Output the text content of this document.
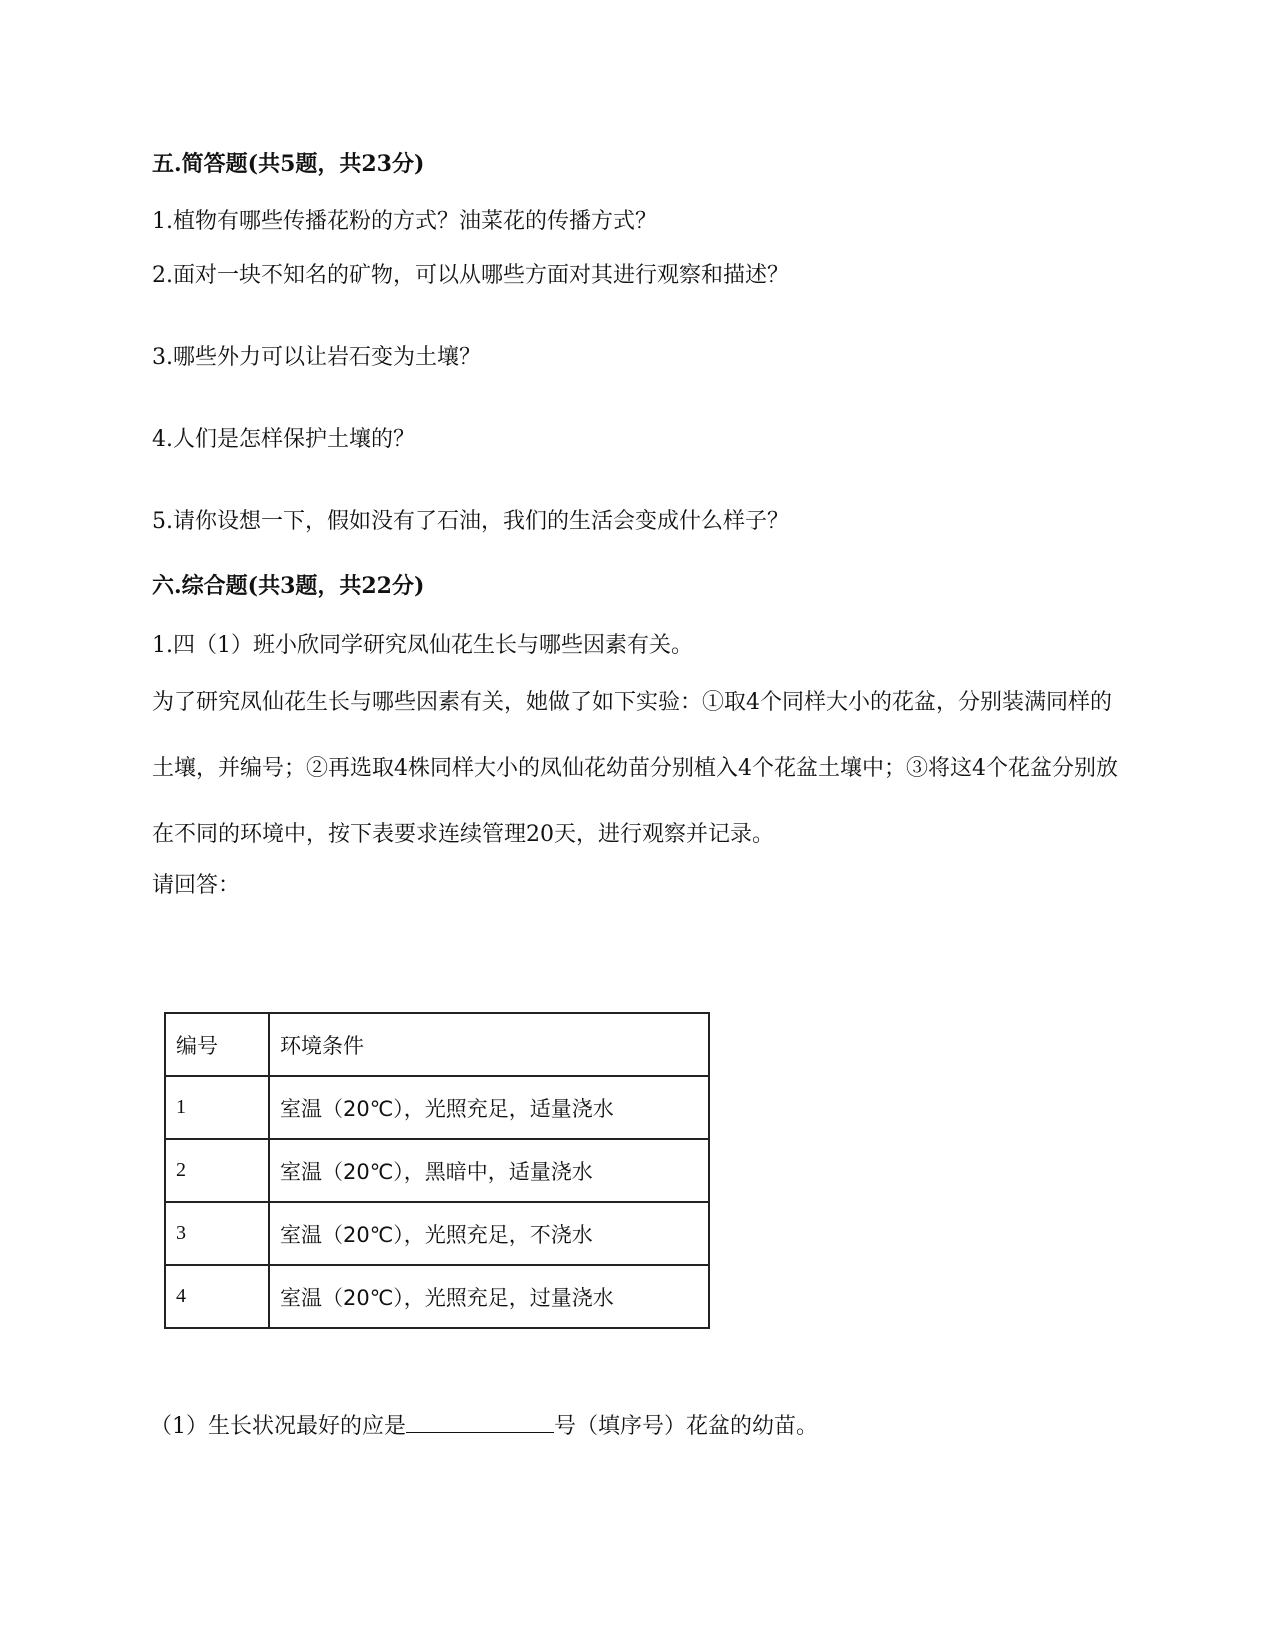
五.简答题(共5题，共23分)
1.植物有哪些传播花粉的方式？油菜花的传播方式？
2.面对一块不知名的矿物，可以从哪些方面对其进行观察和描述？
3.哪些外力可以让岩石变为土壤？
4.人们是怎样保护土壤的？
5.请你设想一下，假如没有了石油，我们的生活会变成什么样子？
六.综合题(共3题，共22分)
1.四（1）班小欣同学研究凤仙花生长与哪些因素有关。
为了研究凤仙花生长与哪些因素有关，她做了如下实验：①取4个同样大小的花盆，分别装满同样的土壤，并编号；②再选取4株同样大小的凤仙花幼苗分别植入4个花盆土壤中；③将这4个花盆分别放在不同的环境中，按下表要求连续管理20天，进行观察并记录。
请回答：
编号	环境条件
1	室温（20℃），光照充足，适量浇水
2	室温（20℃），黑暗中，适量浇水
3	室温（20℃），光照充足，不浇水
4	室温（20℃），光照充足，过量浇水
（1）生长状况最好的应是	号（填序号）花盆的幼苗。
